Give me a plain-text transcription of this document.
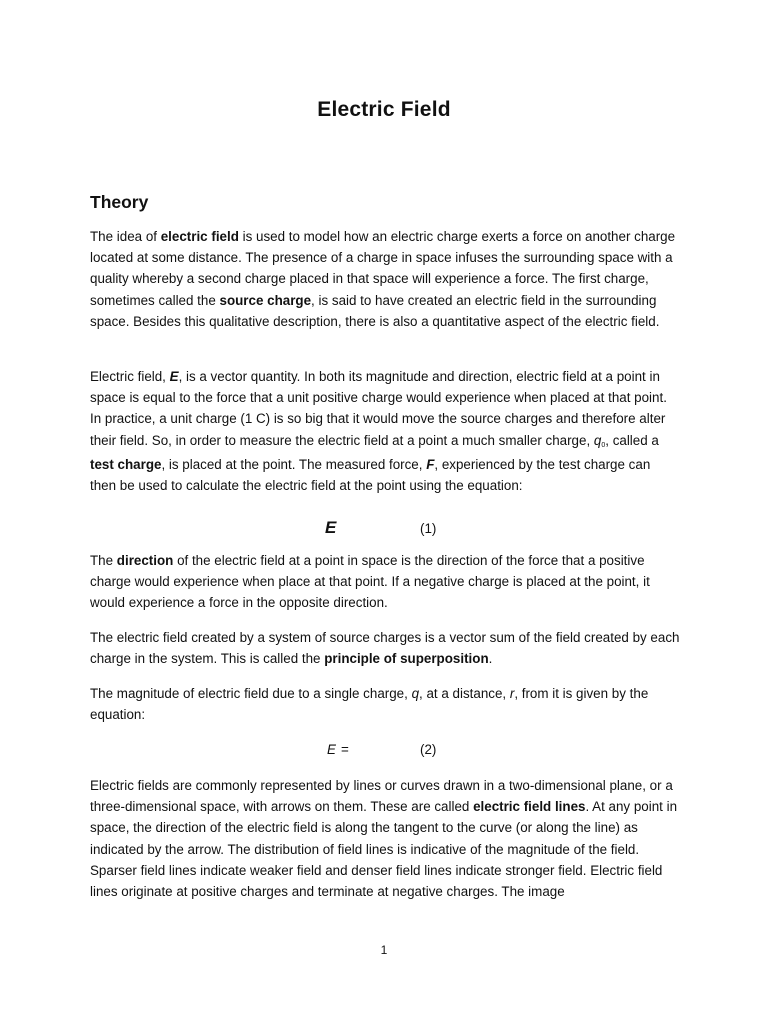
Electric Field
Theory

The idea of electric field is used to model how an electric charge exerts a force on another charge located at some distance. The presence of a charge in space infuses the surrounding space with a quality whereby a second charge placed in that space will experience a force. The first charge, sometimes called the source charge, is said to have created an electric field in the surrounding space. Besides this qualitative description, there is also a quantitative aspect of the electric field.

Electric field, E, is a vector quantity. In both its magnitude and direction, electric field at a point in space is equal to the force that a unit positive charge would experience when placed at that point. In practice, a unit charge (1 C) is so big that it would move the source charges and therefore alter their field. So, in order to measure the electric field at a point a much smaller charge, $q_0$, called a test charge, is placed at the point. The measured force, F, experienced by the test charge can then be used to calculate the electric field at the point using the equation:

E	(1)

The direction of the electric field at a point in space is the direction of the force that a positive charge would experience when place at that point. If a negative charge is placed at the point, it would experience a force in the opposite direction.

The electric field created by a system of source charges is a vector sum of the field created by each charge in the system. This is called the principle of superposition.

The magnitude of electric field due to a single charge, q, at a distance, r, from it is given by the equation:

E =	(2)

Electric fields are commonly represented by lines or curves drawn in a two-dimensional plane, or a three-dimensional space, with arrows on them. These are called electric field lines. At any point in space, the direction of the electric field is along the tangent to the curve (or along the line) as indicated by the arrow. The distribution of field lines is indicative of the magnitude of the field. Sparser field lines indicate weaker field and denser field lines indicate stronger field. Electric field lines originate at positive charges and terminate at negative charges. The image

1
